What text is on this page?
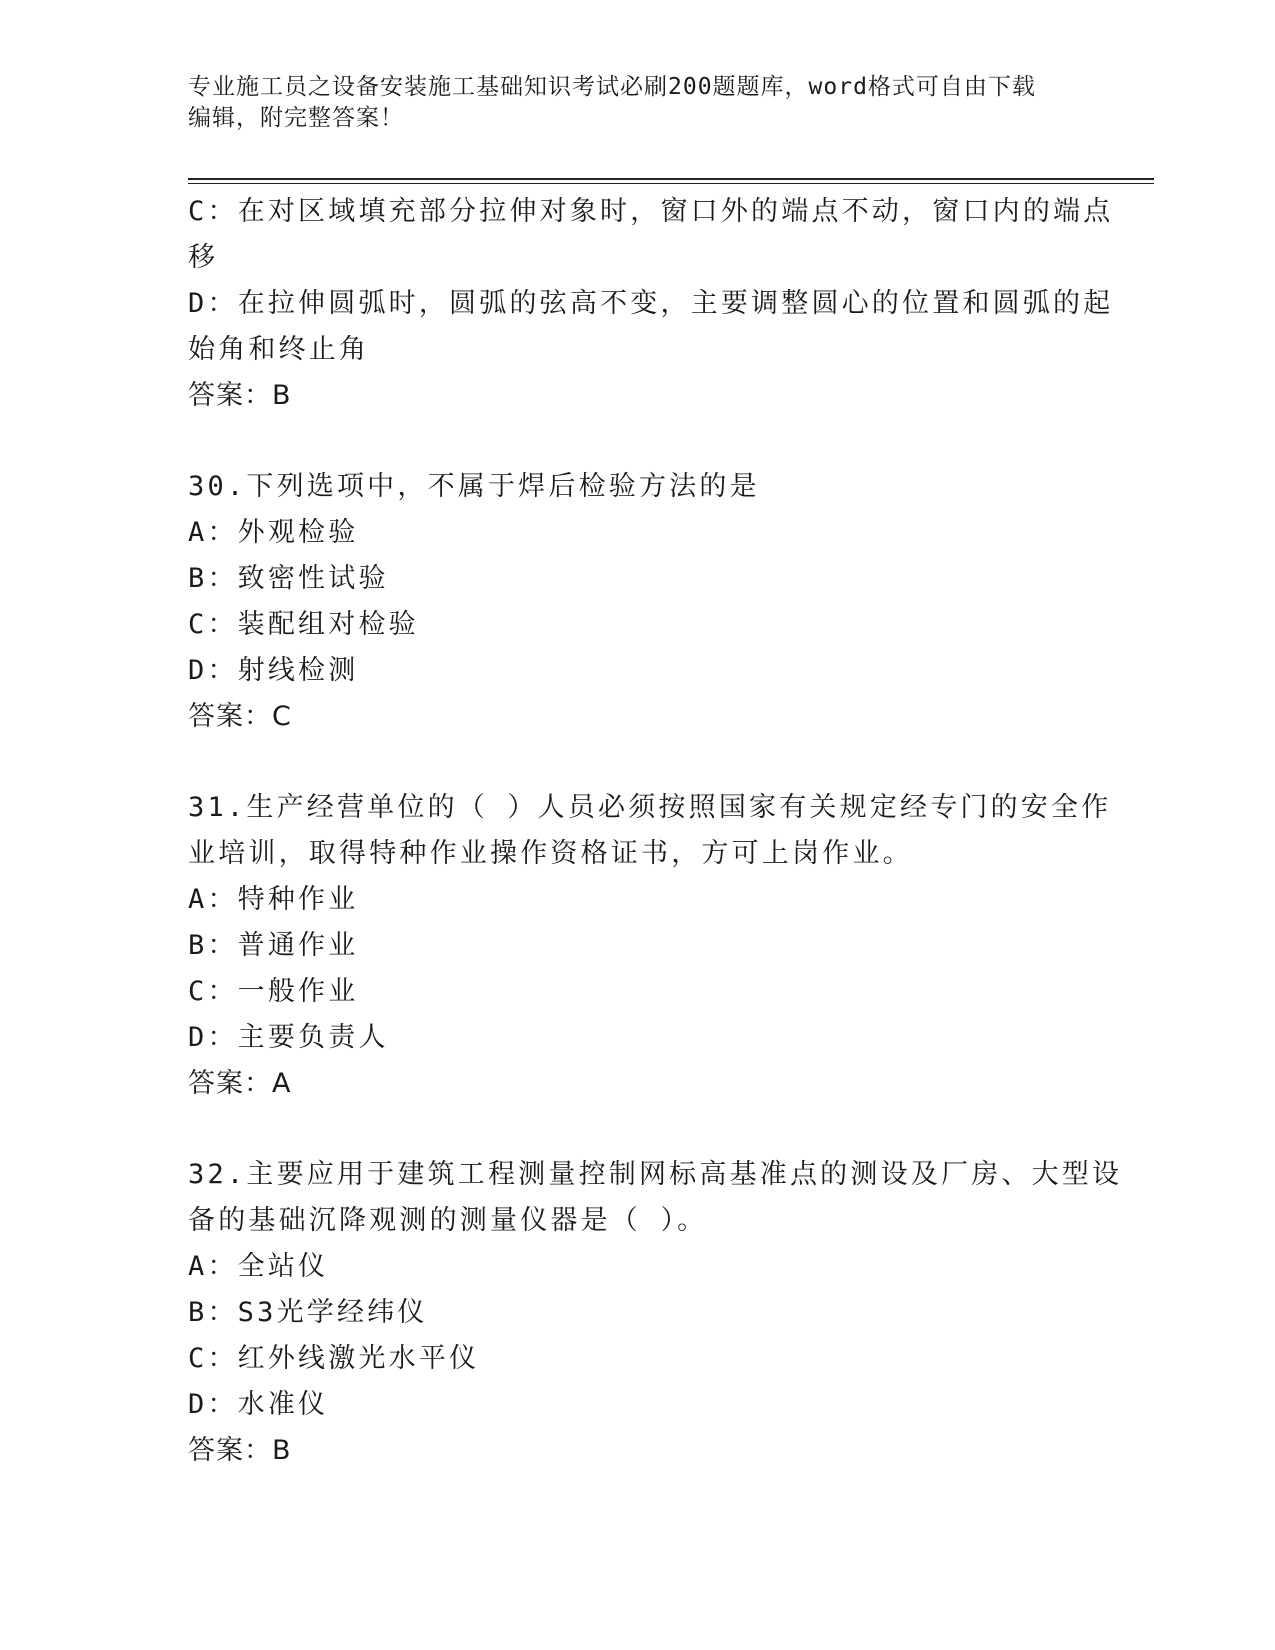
专业施工员之设备安装施工基础知识考试必刷200题题库，word格式可自由下载
编辑，附完整答案！
C：在对区域填充部分拉伸对象时，窗口外的端点不动，窗口内的端点
移
D：在拉伸圆弧时，圆弧的弦高不变，主要调整圆心的位置和圆弧的起
始角和终止角
答案：B
30.下列选项中，不属于焊后检验方法的是
A：外观检验
B：致密性试验
C：装配组对检验
D：射线检测
答案：C
31.生产经营单位的（ ）人员必须按照国家有关规定经专门的安全作
业培训，取得特种作业操作资格证书，方可上岗作业。
A：特种作业
B：普通作业
C：一般作业
D：主要负责人
答案：A
32.主要应用于建筑工程测量控制网标高基准点的测设及厂房、大型设
备的基础沉降观测的测量仪器是（ ）。
A：全站仪
B：S3光学经纬仪
C：红外线激光水平仪
D：水准仪
答案：B
